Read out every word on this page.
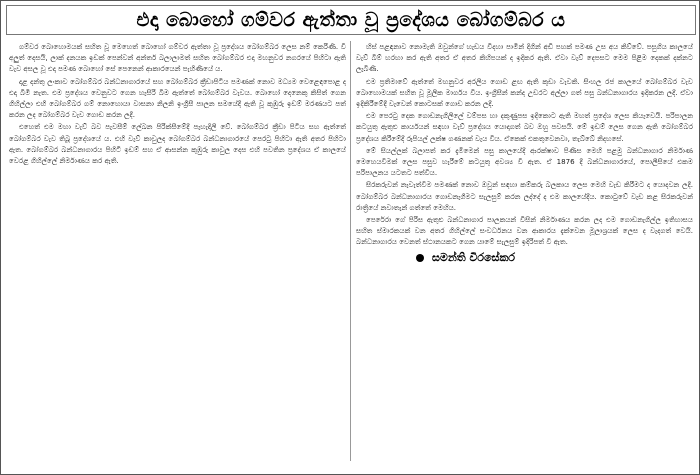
එදා බොහෝ ගම්වර ඇත්තා වූ ප්‍රදේශය බෝගම්බර ය

ගම්වර බොහොමයක් සහිත වූ මෙහෙත් බොහෝ ගම්වර ඇත්තා වූ ප්‍රදේශය බෝගම්බර ලෙස නම් කෙරිණි. වී අලුත් දෙසයි, ලාක් දනයක ඉඩක් පෙන්වන් අන්තර් බලාලාමත් සහිත බෝගම්බර එදා මහනුවර නගරයේ පිහිටා ඇති වැව අසල වූ එදා පමණ බොහෝ සේ පෙනෙන් ආකාරයෙන් පැහිණියේ ය.

දළ දන්තු ලංකාව බෝගම්බර බන්ධනාගාරයේ සහ බෝගම්බර ක්‍රීඩාපිටිය පමණක් නොව මධ්‍යම වෙළෙඳපොළ ද එදා බිමි නැත. එම ප්‍රදේශය වෙනුවට ගෙන හැසිරි බිම ඇත්තේ බෝගම්බර වැවය. බොහෝ දෙනෙකු කිසිත් ගෙන ගිහිල්ලා එහි බෝගම්බර ගම් නොහොයා වාසනා නිලනි ඉංග්‍රීසී පාලන සමයේදී ඇති වූ කුඹුරු ඉඩම් මරණයට පත් කරන ලද බෝගම්බර වැව ගොඩ කරන ලදී.

එහෙත් එම මහා වැව් බව පැවසීම් ලේඛන පිරික්සීමේදී පැහැදිලි වේ. බෝගම්බර ක්‍රීඩා පිටිය සහ ඇත්තේ බෝගම්බර වැව තිබූ ප්‍රදේශයේ ය. එහි වැව් කාවුලද බෝගම්බර බන්ධනාගාරයේ පෙරටු පිහිටා ඇති අතර පිහිටා ඇත. බෝගම්බර බන්ධනාගාරය පිහිටි ඉඩම් සහ ඒ ආසන්න කුඹුරු කාවුල දෙස එහි පවතින ප්‍රදේශය ඒ කාලයේ වෙරළ ගිහිල්ලේ නිර්මාණය කර ඇති.

හිස් පළඳනාව නොමැති ඔවුන්ගේ හැඩය විදහා පාමින් දිගින් අඩි පහක් පමණ උස අය කිව්වේ. පසුගිය කාලයේ වැව් බිම් හරහා කර ඇති අතර ඒ අතර කිහිපයක් ද ඉදිකර ඇති. ඒවා වැව් දෙපසට මෙම පිළිම දෙකක් දක්නට ලැබිණි.

එම ප්‍රතිමාවේ ඇත්තේ මහනුවර අරලිය ගොඩ ළඟ ඇති කුඩා වැවකි. සිංහල රජ කාලයේ බෝගම්බර වැව බොහොමයක් සහිත වූ මූලික මාර්ගය විය. ඉංග්‍රීසීන් කන්ද උඩරට අල්ලා ගත් පසු බන්ධනාගාරය ඉදිකරන ලදී. ඒවා ඉදිකිරීමේදී වැවෙන් කොටසක් ගොඩ කරන ලදී.

එම පෙරටු දෙක ගොඩනැගිලිලේ වම්පස හා දකුණුපස ඉදිකොට ඇති මහත් ප්‍රදේශ ලෙස කියැවෙයි. පරිපාලන කටයුතු ඇතුළු කාර්යයන් සඳහා වැව් ප්‍රදේශය යොදාගත් බව ඔහු පවසයි. මේ ඉඩම් ලෙස ගෙන ඇති බෝගම්බර ප්‍රදේශය කිරීමේදී රුපියල් ලක්ෂ ගණනක් වැය විය. ඒකෙක් එකතුවෙනවා, තැබ්බේ නිදහසේ.

මේ සියල්ලක් බලාපත් කර දැමීමෙන් පසු කාලයේදී ආරක්ෂාව පිණිස මෙහි පළමු බන්ධනාගාර නිර්මාණ මෙහෙයවීමක් ලෙස පසුව හැරීමේ කටයුතු අවශ්‍ය වී ඇත. ඒ 1876 දී බන්ධනාගාරයේ, පොලීසියේ එකම පරිපාලනය යටතට පත්විය.

සිරකරුවන් නැවැත්වීම පමණක් නොව ඔවුන් සඳහා කම්කරු බලකාය ලෙස මෙහි වැඩ කිරීමට ද යොදවන ලදී. බෝගම්බර බන්ධනාගාරය ගොඩනැගීමට සැලසුම් කරන ලද්දේ ද එම කාලයේදීය. කොටුවේ වැඩ කළ සිරකරුවන් රාත්‍රියේ නවාතැන් ගත්තේ මෙහිය.

පෙරේරා ගේ පිරිස ඇතුළු බන්ධනාගාර පාලකයන් විසින් නිර්මාණය කරන ලද එම ගොඩනැගිල්ල ඉතිහාසය සහිත ස්මාරකයක් වන අතර ගිහිල්ලේ සංවර්ධනය වන ආකාරය දැක්වෙන මූලාශ්‍රයක් ලෙස ද වැදගත් වෙයි. බන්ධනාගාරය වෙනත් ස්ථානයකට ගෙන යාමේ සැලසුම් ඉදිරිපත් වී ඇත.

සමන්ති වීරසේකර
